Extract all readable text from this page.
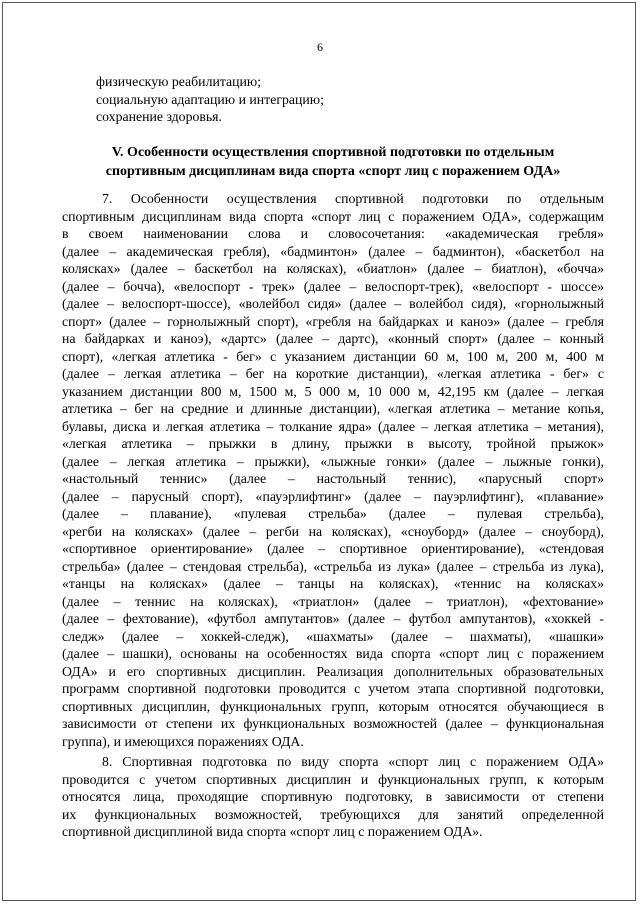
6
физическую реабилитацию;
социальную адаптацию и интеграцию;
сохранение здоровья.
V. Особенности осуществления спортивной подготовки по отдельным
спортивным дисциплинам вида спорта «спорт лиц с поражением ОДА»
7. Особенности осуществления спортивной подготовки по отдельным
спортивным дисциплинам вида спорта «спорт лиц с поражением ОДА», содержащим
в своем наименовании слова и словосочетания: «академическая гребля»
(далее – академическая гребля), «бадминтон» (далее – бадминтон), «баскетбол на
колясках» (далее – баскетбол на колясках), «биатлон» (далее – биатлон), «бочча»
(далее – бочча), «велоспорт - трек» (далее – велоспорт-трек), «велоспорт - шоссе»
(далее – велоспорт-шоссе), «волейбол сидя» (далее – волейбол сидя), «горнолыжный
спорт» (далее – горнолыжный спорт), «гребля на байдарках и каноэ» (далее – гребля
на байдарках и каноэ), «дартс» (далее – дартс), «конный спорт» (далее – конный
спорт), «легкая атлетика - бег» с указанием дистанции 60 м, 100 м, 200 м, 400 м
(далее – легкая атлетика – бег на короткие дистанции), «легкая атлетика - бег» с
указанием дистанции 800 м, 1500 м, 5 000 м, 10 000 м, 42,195 км (далее – легкая
атлетика – бег на средние и длинные дистанции), «легкая атлетика – метание копья,
булавы, диска и легкая атлетика – толкание ядра» (далее – легкая атлетика – метания),
«легкая атлетика – прыжки в длину, прыжки в высоту, тройной прыжок»
(далее – легкая атлетика – прыжки), «лыжные гонки» (далее – лыжные гонки),
«настольный теннис» (далее – настольный теннис), «парусный спорт»
(далее – парусный спорт), «пауэрлифтинг» (далее – пауэрлифтинг), «плавание»
(далее – плавание), «пулевая стрельба» (далее – пулевая стрельба),
«регби на колясках» (далее – регби на колясках), «сноуборд» (далее – сноуборд),
«спортивное ориентирование» (далее – спортивное ориентирование), «стендовая
стрельба» (далее – стендовая стрельба), «стрельба из лука» (далее – стрельба из лука),
«танцы на колясках» (далее – танцы на колясках), «теннис на колясках»
(далее – теннис на колясках), «триатлон» (далее – триатлон), «фехтование»
(далее – фехтование), «футбол ампутантов» (далее – футбол ампутантов), «хоккей -
следж» (далее – хоккей-следж), «шахматы» (далее – шахматы), «шашки»
(далее – шашки), основаны на особенностях вида спорта «спорт лиц с поражением
ОДА» и его спортивных дисциплин. Реализация дополнительных образовательных
программ спортивной подготовки проводится с учетом этапа спортивной подготовки,
спортивных дисциплин, функциональных групп, которым относятся обучающиеся в
зависимости от степени их функциональных возможностей (далее – функциональная
группа), и имеющихся поражениях ОДА.
8. Спортивная подготовка по виду спорта «спорт лиц с поражением ОДА»
проводится с учетом спортивных дисциплин и функциональных групп, к которым
относятся лица, проходящие спортивную подготовку, в зависимости от степени
их функциональных возможностей, требующихся для занятий определенной
спортивной дисциплиной вида спорта «спорт лиц с поражением ОДА».
